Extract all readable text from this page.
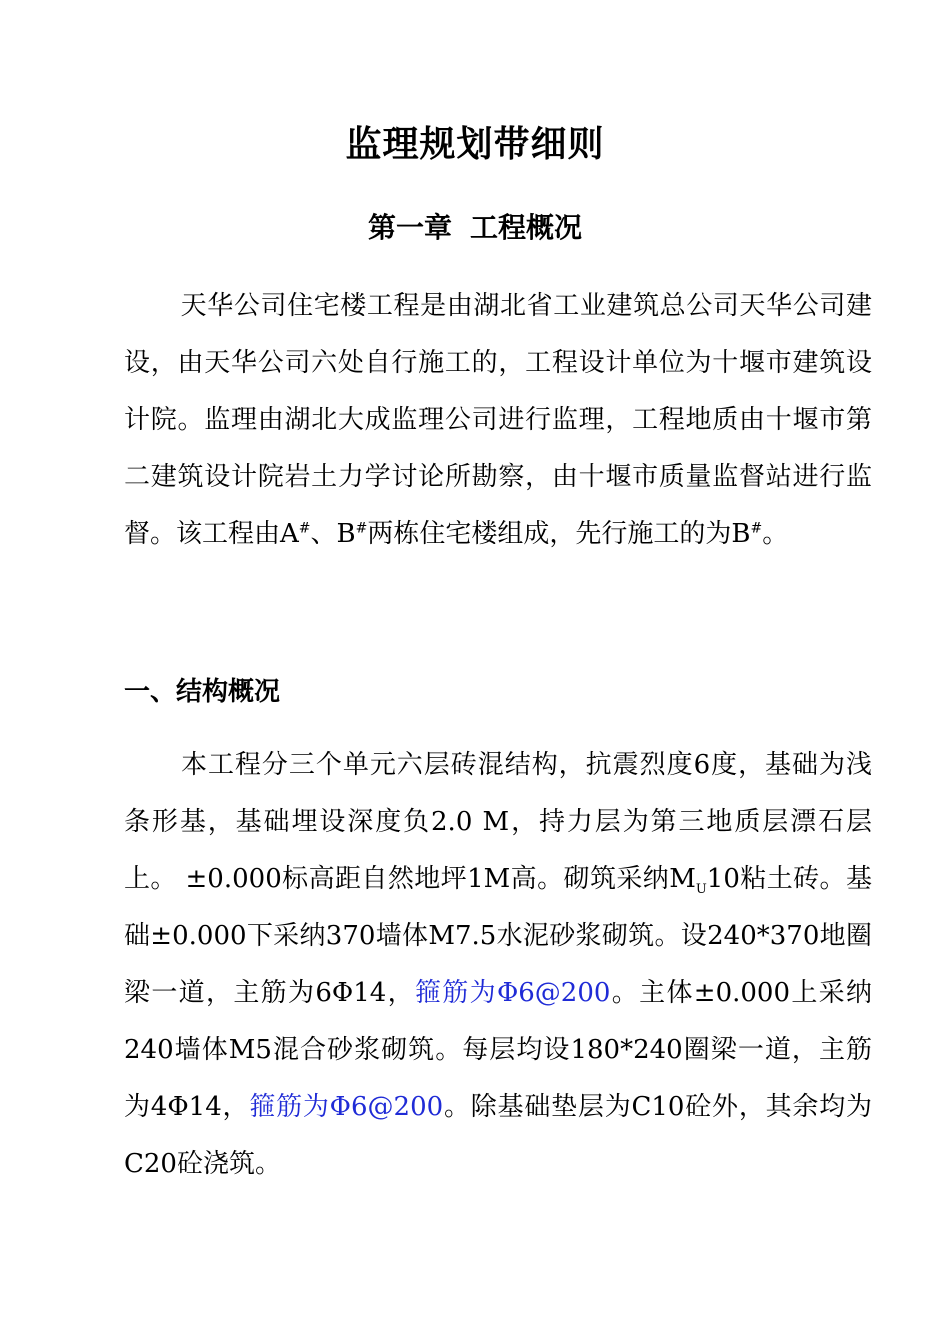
监理规划带细则
第一章 工程概况
天华公司住宅楼工程是由湖北省工业建筑总公司天华公司建设，由天华公司六处自行施工的，工程设计单位为十堰市建筑设计院。监理由湖北大成监理公司进行监理，工程地质由十堰市第二建筑设计院岩土力学讨论所勘察，由十堰市质量监督站进行监督。该工程由A#、B#两栋住宅楼组成，先行施工的为B#。
一、结构概况
本工程分三个单元六层砖混结构，抗震烈度6度，基础为浅条形基，基础埋设深度负2.0 M，持力层为第三地质层漂石层上。 ±0.000标高距自然地坪1M高。砌筑采纳$M_U10$粘土砖。基础±0.000下采纳370墙体M7.5水泥砂浆砌筑。设240*370地圈梁一道，主筋为6Φ14，箍筋为Φ6@200。主体±0.000上采纳240墙体M5混合砂浆砌筑。每层均设180*240圈梁一道，主筋为4Φ14，箍筋为Φ6@200。除基础垫层为C10砼外，其余均为C20砼浇筑。
